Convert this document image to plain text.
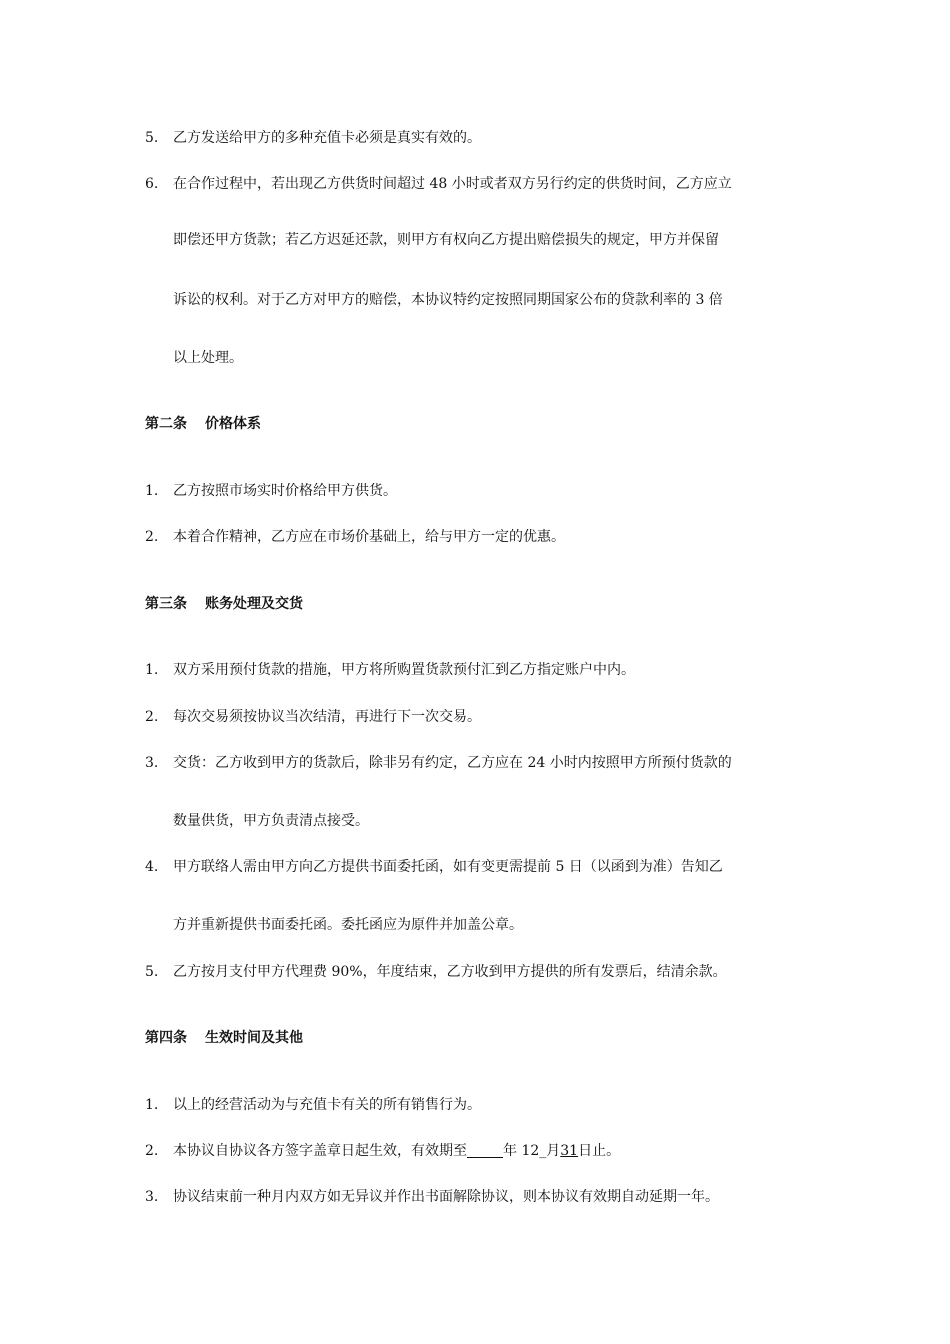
5. 乙方发送给甲方的多种充值卡必须是真实有效的。
6. 在合作过程中，若出现乙方供货时间超过 48 小时或者双方另行约定的供货时间，乙方应立
即偿还甲方货款；若乙方迟延还款，则甲方有权向乙方提出赔偿损失的规定，甲方并保留
诉讼的权利。对于乙方对甲方的赔偿，本协议特约定按照同期国家公布的贷款利率的 3 倍
以上处理。
第二条 价格体系
1. 乙方按照市场实时价格给甲方供货。
2. 本着合作精神，乙方应在市场价基础上，给与甲方一定的优惠。
第三条 账务处理及交货
1. 双方采用预付货款的措施，甲方将所购置货款预付汇到乙方指定账户中内。
2. 每次交易须按协议当次结清，再进行下一次交易。
3. 交货：乙方收到甲方的货款后，除非另有约定，乙方应在 24 小时内按照甲方所预付货款的
数量供货，甲方负责清点接受。
4. 甲方联络人需由甲方向乙方提供书面委托函，如有变更需提前 5 日（以函到为准）告知乙
方并重新提供书面委托函。委托函应为原件并加盖公章。
5. 乙方按月支付甲方代理费 90%，年度结束，乙方收到甲方提供的所有发票后，结清余款。
第四条 生效时间及其他
1. 以上的经营活动为与充值卡有关的所有销售行为。
2. 本协议自协议各方签字盖章日起生效，有效期至	年 12_月31日止。
3. 协议结束前一种月内双方如无异议并作出书面解除协议，则本协议有效期自动延期一年。
